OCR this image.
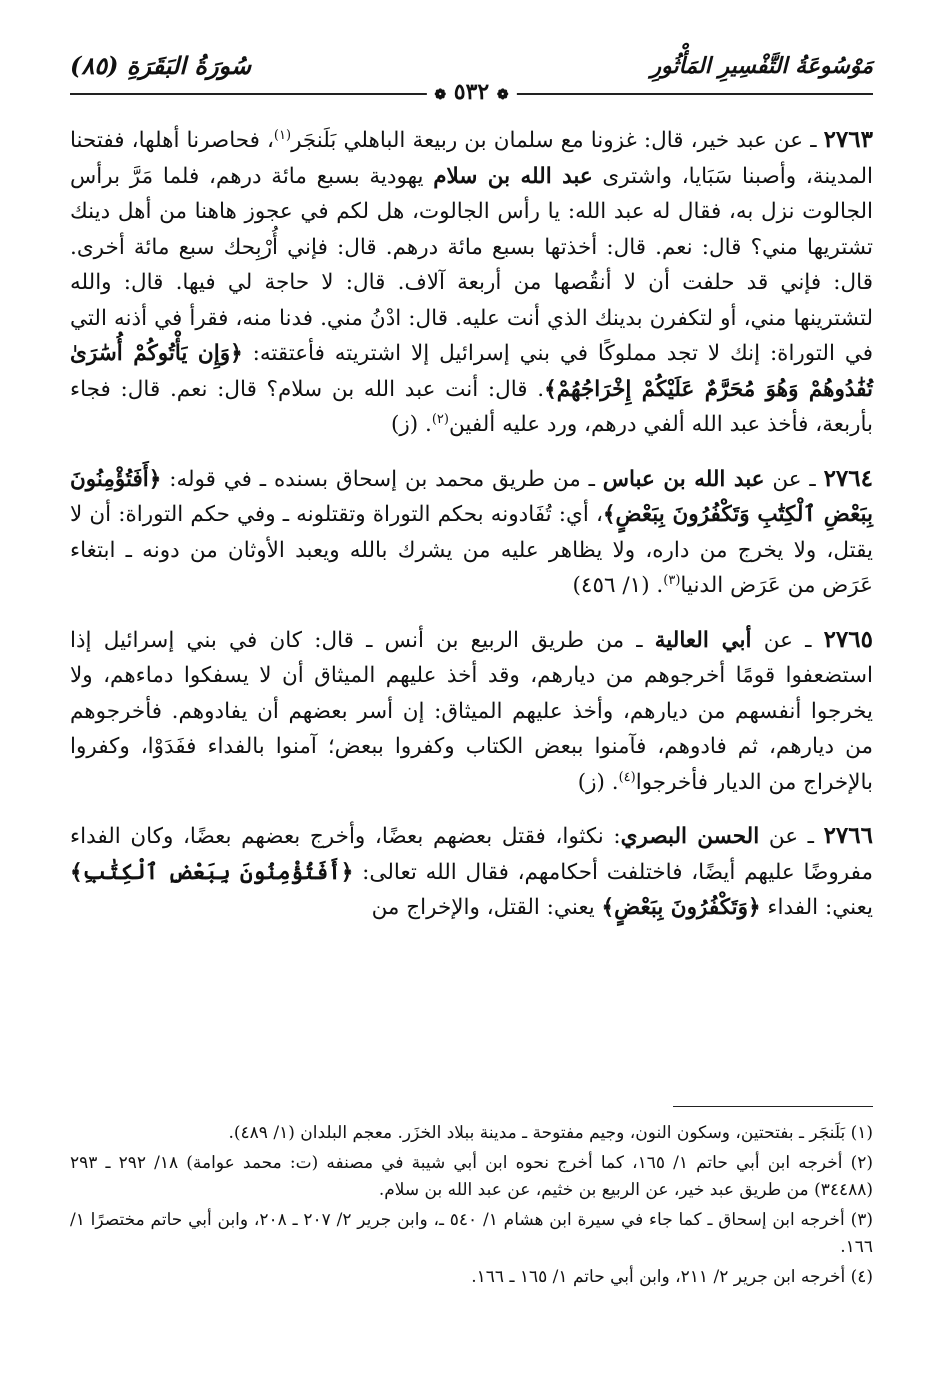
مَوْسُوعَةُ التَّفْسِيرِ المَأْثُورِ
سُورَةُ البَقَرَةِ (٨٥)
❁ ٥٣٢ ❁

٢٧٦٣ ـ عن عبد خير، قال: غزونا مع سلمان بن ربيعة الباهلي بَلَنجَر$^{(١)}$، فحاصرنا أهلها، ففتحنا المدينة، وأصبنا سَبَايا، واشترى عبد الله بن سلام يهودية بسبع مائة درهم، فلما مَرَّ برأس الجالوت نزل به، فقال له عبد الله: يا رأس الجالوت، هل لكم في عجوز هاهنا من أهل دينك تشتريها مني؟ قال: نعم. قال: أخذتها بسبع مائة درهم. قال: فإني أُرْبِحك سبع مائة أخرى. قال: فإني قد حلفت أن لا أنقُصها من أربعة آلاف. قال: لا حاجة لي فيها. قال: والله لتشترينها مني، أو لتكفرن بدينك الذي أنت عليه. قال: ادْنُ مني. فدنا منه، فقرأ في أذنه التي في التوراة: إنك لا تجد مملوكًا في بني إسرائيل إلا اشتريته فأعتقته: ﴿وَإِن يَأْتُوكُمْ أُسَٰرَىٰ تُفَٰدُوهُمْ وَهُوَ مُحَرَّمٌ عَلَيْكُمْ إِخْرَاجُهُمْ﴾. قال: أنت عبد الله بن سلام؟ قال: نعم. قال: فجاء بأربعة، فأخذ عبد الله ألفي درهم، ورد عليه ألفين$^{(٢)}$. (ز)

٢٧٦٤ ـ عن عبد الله بن عباس ـ من طريق محمد بن إسحاق بسنده ـ في قوله: ﴿أَفَتُؤْمِنُونَ بِبَعْضِ ٱلْكِتَٰبِ وَتَكْفُرُونَ بِبَعْضٍ﴾، أي: تُفَادونه بحكم التوراة وتقتلونه ـ وفي حكم التوراة: أن لا يقتل، ولا يخرج من داره، ولا يظاهر عليه من يشرك بالله ويعبد الأوثان من دونه ـ ابتغاء عَرَض من عَرَض الدنيا$^{(٣)}$. (١/ ٤٥٦)

٢٧٦٥ ـ عن أبي العالية ـ من طريق الربيع بن أنس ـ قال: كان في بني إسرائيل إذا استضعفوا قومًا أخرجوهم من ديارهم، وقد أخذ عليهم الميثاق أن لا يسفكوا دماءهم، ولا يخرجوا أنفسهم من ديارهم، وأخذ عليهم الميثاق: إن أسر بعضهم أن يفادوهم. فأخرجوهم من ديارهم، ثم فادوهم، فآمنوا ببعض الكتاب وكفروا ببعض؛ آمنوا بالفداء ففَدَوْا، وكفروا بالإخراج من الديار فأخرجوا$^{(٤)}$. (ز)

٢٧٦٦ ـ عن الحسن البصري: نكثوا، فقتل بعضهم بعضًا، وأخرج بعضهم بعضًا، وكان الفداء مفروضًا عليهم أيضًا، فاختلفت أحكامهم، فقال الله تعالى: ﴿أَفَتُؤْمِنُونَ بِبَعْضِ ٱلْكِتَٰبِ﴾ يعني: الفداء ﴿وَتَكْفُرُونَ بِبَعْضٍ﴾ يعني: القتل، والإخراج من

(١) بَلَنجَر ـ بفتحتين، وسكون النون، وجيم مفتوحة ـ مدينة ببلاد الخزَر. معجم البلدان (١/ ٤٨٩).

(٢) أخرجه ابن أبي حاتم ١/ ١٦٥، كما أخرج نحوه ابن أبي شيبة في مصنفه (ت: محمد عوامة) ١٨/ ٢٩٢ ـ ٢٩٣ (٣٤٤٨٨) من طريق عبد خير، عن الربيع بن خثيم، عن عبد الله بن سلام.

(٣) أخرجه ابن إسحاق ـ كما جاء في سيرة ابن هشام ١/ ٥٤٠ ـ، وابن جرير ٢/ ٢٠٧ ـ ٢٠٨، وابن أبي حاتم مختصرًا ١/ ١٦٦.

(٤) أخرجه ابن جرير ٢/ ٢١١، وابن أبي حاتم ١/ ١٦٥ ـ ١٦٦.
